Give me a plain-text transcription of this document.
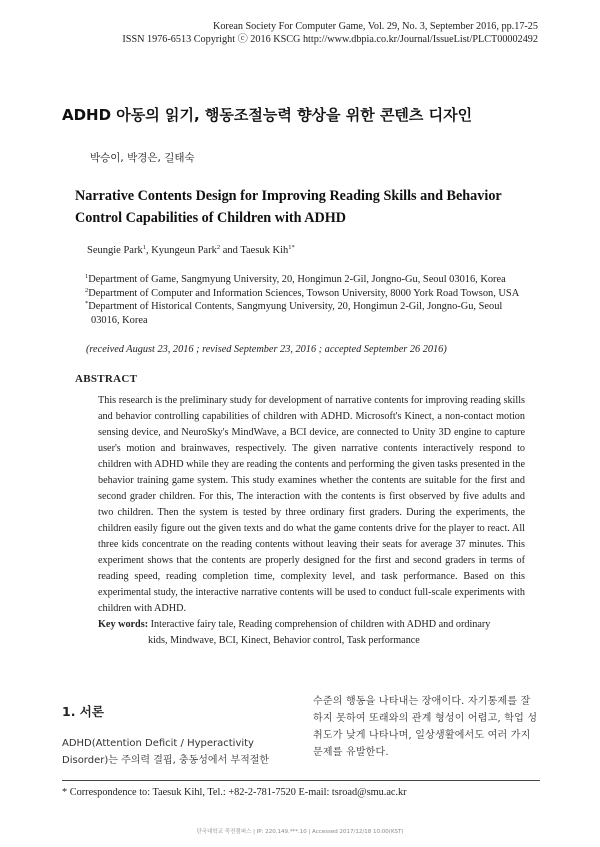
Korean Society For Computer Game, Vol. 29, No. 3, September 2016, pp.17-25
ISSN 1976-6513 Copyright ⓒ 2016 KSCG http://www.dbpia.co.kr/Journal/IssueList/PLCT00002492
ADHD 아동의 읽기, 행동조절능력 향상을 위한 콘텐츠 디자인
박승이, 박경은, 길태숙
Narrative Contents Design for Improving Reading Skills and Behavior Control Capabilities of Children with ADHD
Seungie Park$^1$, Kyungeun Park$^2$ and Taesuk Kih$^{1*}$
$^1$Department of Game, Sangmyung University, 20, Hongimun 2-Gil, Jongno-Gu, Seoul 03016, Korea
$^2$Department of Computer and Information Sciences, Towson University, 8000 York Road Towson, USA
*Department of Historical Contents, Sangmyung University, 20, Hongimun 2-Gil, Jongno-Gu, Seoul
03016, Korea
(received August 23, 2016 ; revised September 23, 2016 ; accepted September 26 2016)
ABSTRACT
This research is the preliminary study for development of narrative contents for improving reading skills and behavior controlling capabilities of children with ADHD. Microsoft's Kinect, a non-contact motion sensing device, and NeuroSky's MindWave, a BCI device, are connected to Unity 3D engine to capture user's motion and brainwaves, respectively. The given narrative contents interactively respond to children with ADHD while they are reading the contents and performing the given tasks presented in the behavior training game system. This study examines whether the contents are suitable for the first and second grader children. For this, The interaction with the contents is first observed by five adults and two children. Then the system is tested by three ordinary first graders. During the experiments, the children easily figure out the given texts and do what the game contents drive for the player to react. All three kids concentrate on the reading contents without leaving their seats for average 37 minutes. This experiment shows that the contents are properly designed for the first and second graders in terms of reading speed, reading completion time, complexity level, and task performance. Based on this experimental study, the interactive narrative contents will be used to conduct full-scale experiments with children with ADHD.
Key words: Interactive fairy tale, Reading comprehension of children with ADHD and ordinary
kids, Mindwave, BCI, Kinect, Behavior control, Task performance
1. 서론
ADHD(Attention Deficit / Hyperactivity Disorder)는 주의력 결핍, 충동성에서 부적절한
수준의 행동을 나타내는 장애이다. 자기통제를 잘 하지 못하여 또래와의 관계 형성이 어렵고, 학업 성취도가 낮게 나타나며, 일상생활에서도 여러 가지 문제를 유발한다.
* Correspondence to: Taesuk Kihl, Tel.: +82-2-781-7520 E-mail: tsroad@smu.ac.kr
단국대학교 죽전캠퍼스 | IP: 220.149.***.10 | Accessed 2017/12/18 10:00(KST)
